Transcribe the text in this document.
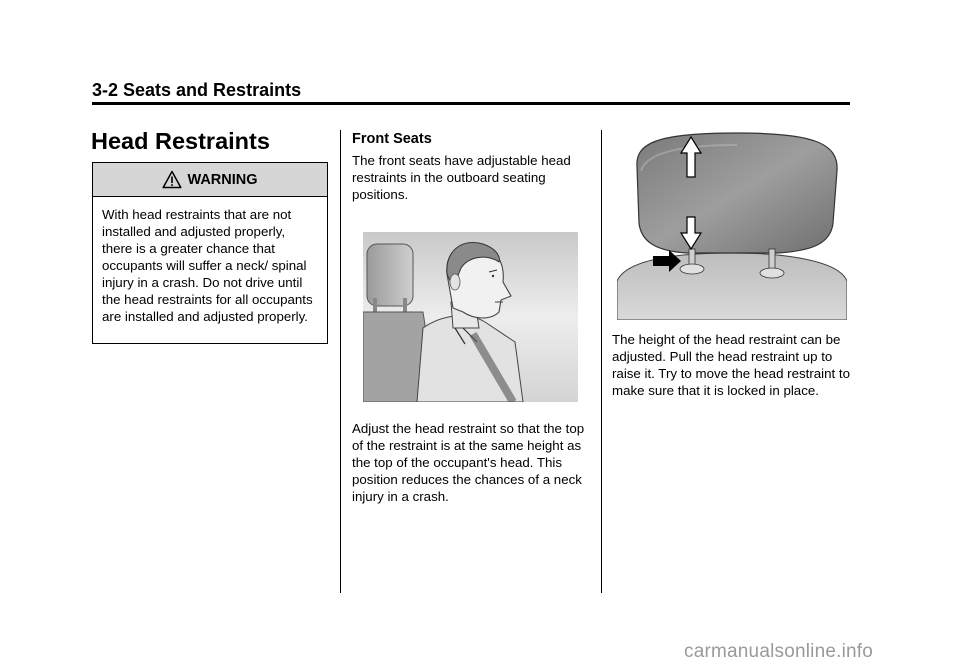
3-2 Seats and Restraints
Head Restraints
WARNING
With head restraints that are not installed and adjusted properly, there is a greater chance that occupants will suffer a neck/ spinal injury in a crash. Do not drive until the head restraints for all occupants are installed and adjusted properly.
Front Seats
The front seats have adjustable head restraints in the outboard seating positions.
Adjust the head restraint so that the top of the restraint is at the same height as the top of the occupant's head. This position reduces the chances of a neck injury in a crash.
The height of the head restraint can be adjusted. Pull the head restraint up to raise it. Try to move the head restraint to make sure that it is locked in place.
carmanualsonline.info
